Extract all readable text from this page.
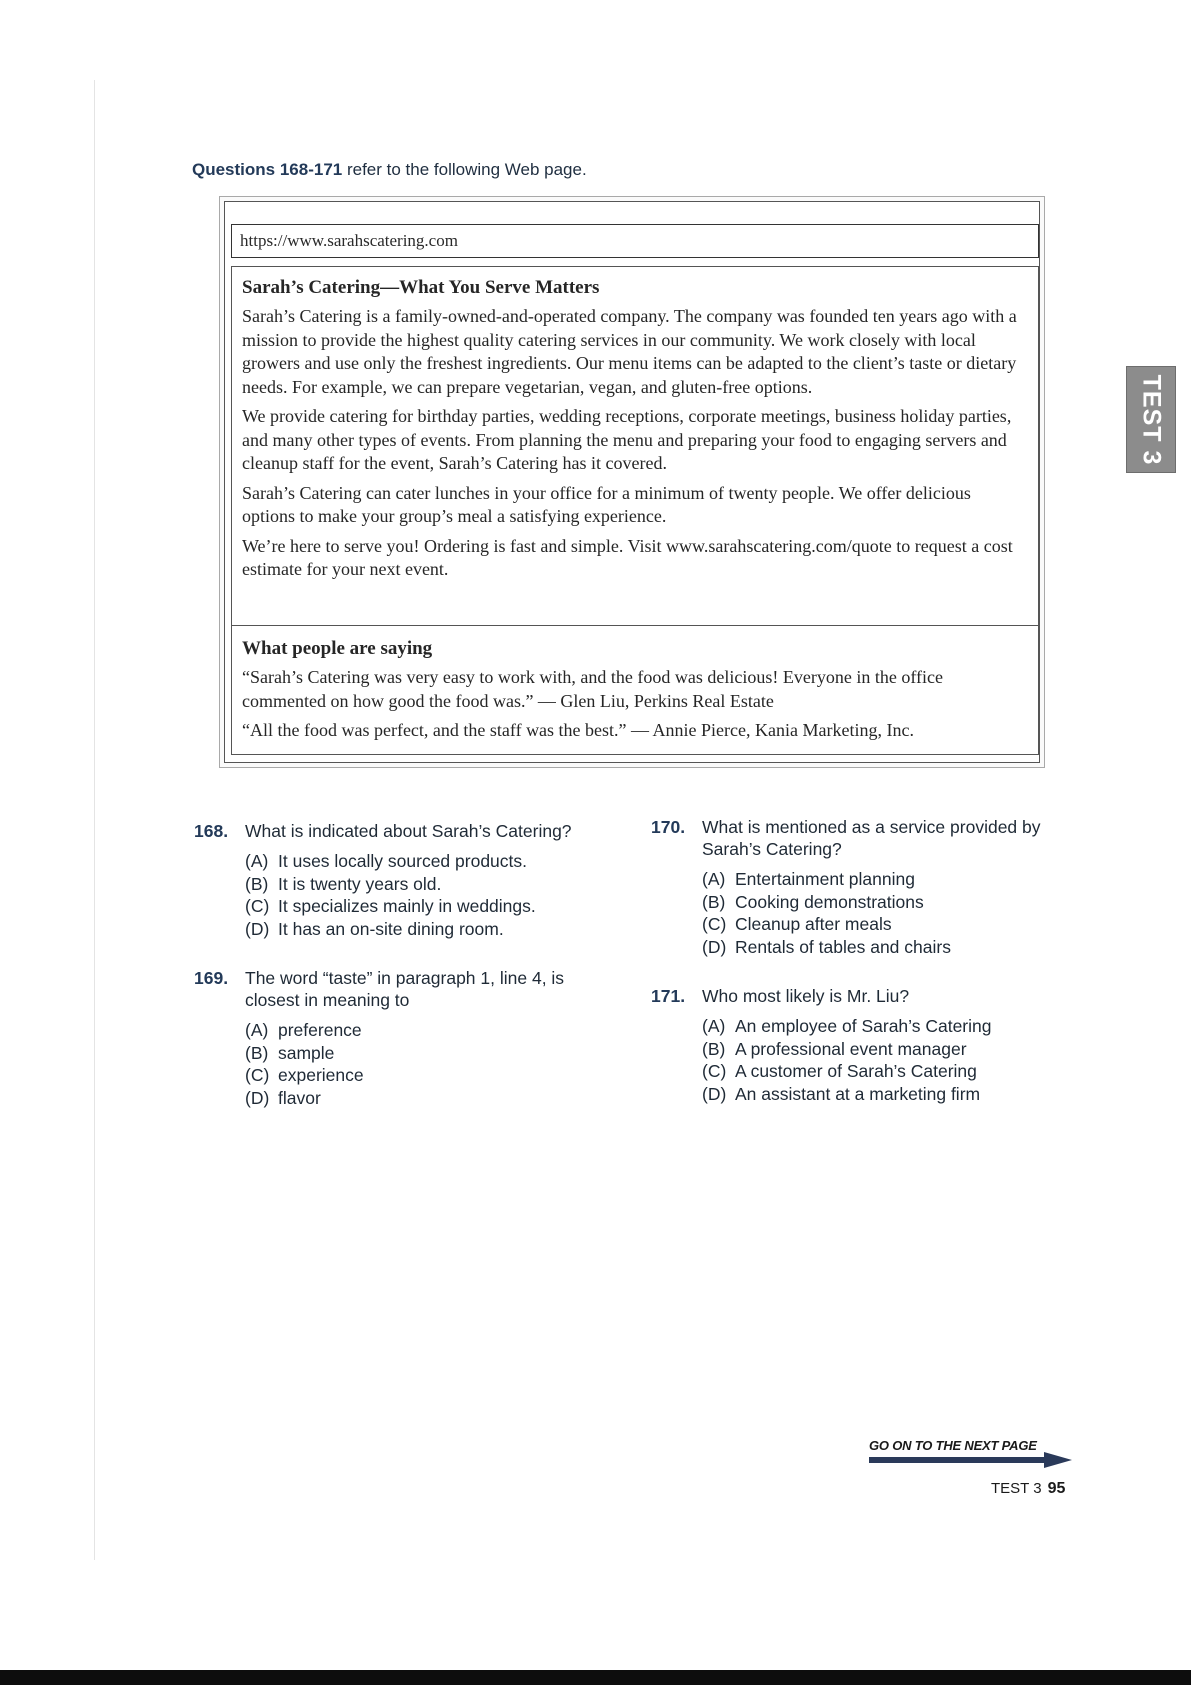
Questions 168-171 refer to the following Web page.
https://www.sarahscatering.com
Sarah’s Catering—What You Serve Matters

Sarah’s Catering is a family-owned-and-operated company. The company was founded ten years ago with a mission to provide the highest quality catering services in our community. We work closely with local growers and use only the freshest ingredients. Our menu items can be adapted to the client’s taste or dietary needs. For example, we can prepare vegetarian, vegan, and gluten-free options.

We provide catering for birthday parties, wedding receptions, corporate meetings, business holiday parties, and many other types of events. From planning the menu and preparing your food to engaging servers and cleanup staff for the event, Sarah’s Catering has it covered.

Sarah’s Catering can cater lunches in your office for a minimum of twenty people. We offer delicious options to make your group’s meal a satisfying experience.

We’re here to serve you! Ordering is fast and simple. Visit www.sarahscatering.com/quote to request a cost estimate for your next event.

What people are saying

“Sarah’s Catering was very easy to work with, and the food was delicious! Everyone in the office commented on how good the food was.” — Glen Liu, Perkins Real Estate

“All the food was perfect, and the staff was the best.” — Annie Pierce, Kania Marketing, Inc.

168. What is indicated about Sarah’s Catering?
(A) It uses locally sourced products.
(B) It is twenty years old.
(C) It specializes mainly in weddings.
(D) It has an on-site dining room.
169. The word “taste” in paragraph 1, line 4, is closest in meaning to
(A) preference
(B) sample
(C) experience
(D) flavor
170. What is mentioned as a service provided by Sarah’s Catering?
(A) Entertainment planning
(B) Cooking demonstrations
(C) Cleanup after meals
(D) Rentals of tables and chairs
171. Who most likely is Mr. Liu?
(A) An employee of Sarah’s Catering
(B) A professional event manager
(C) A customer of Sarah’s Catering
(D) An assistant at a marketing firm
TEST 3
GO ON TO THE NEXT PAGE
TEST 3 95
